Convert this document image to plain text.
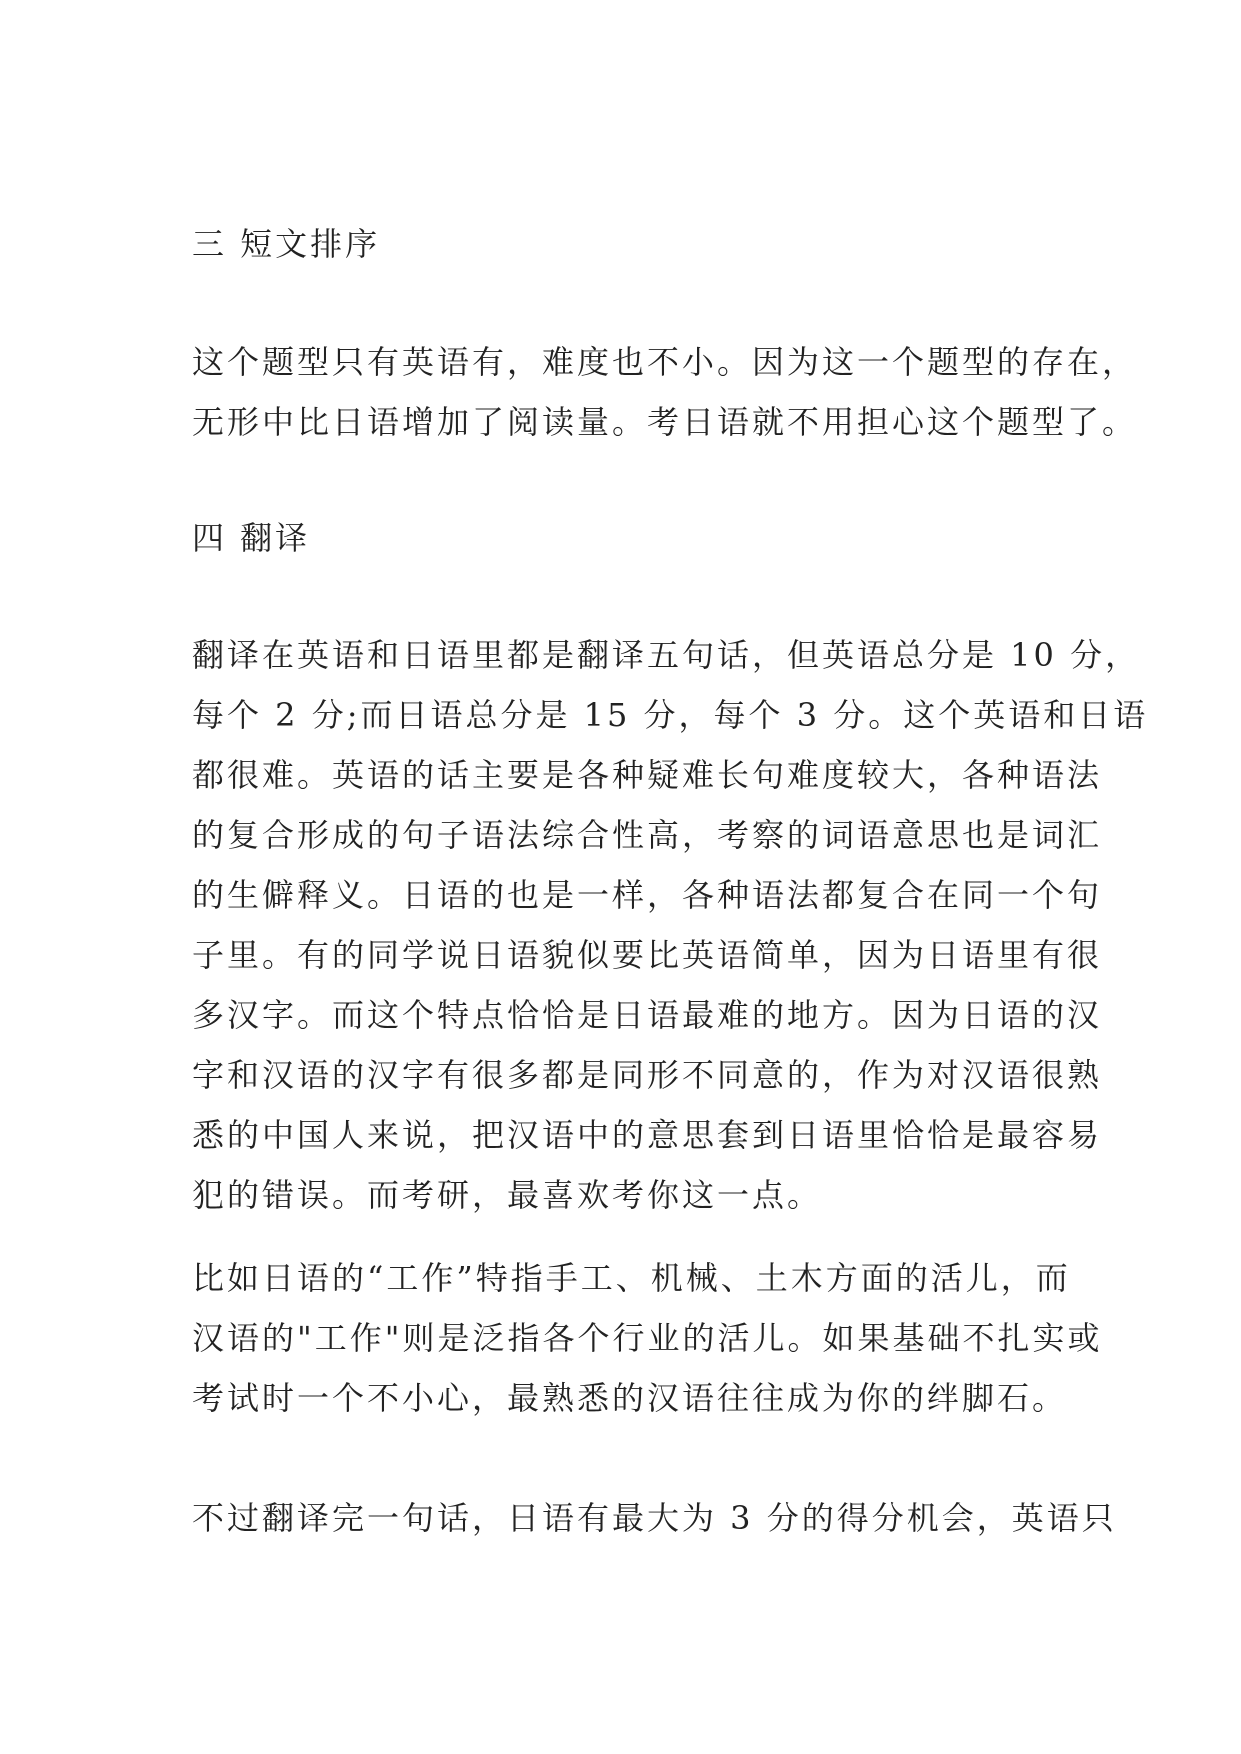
三 短文排序
这个题型只有英语有，难度也不小。因为这一个题型的存在，
无形中比日语增加了阅读量。考日语就不用担心这个题型了。
四 翻译
翻译在英语和日语里都是翻译五句话，但英语总分是 10 分，
每个 2 分;而日语总分是 15 分，每个 3 分。这个英语和日语
都很难。英语的话主要是各种疑难长句难度较大，各种语法
的复合形成的句子语法综合性高，考察的词语意思也是词汇
的生僻释义。日语的也是一样，各种语法都复合在同一个句
子里。有的同学说日语貌似要比英语简单，因为日语里有很
多汉字。而这个特点恰恰是日语最难的地方。因为日语的汉
字和汉语的汉字有很多都是同形不同意的，作为对汉语很熟
悉的中国人来说，把汉语中的意思套到日语里恰恰是最容易
犯的错误。而考研，最喜欢考你这一点。
比如日语的“工作”特指手工、机械、土木方面的活儿，而
汉语的"工作"则是泛指各个行业的活儿。如果基础不扎实或
考试时一个不小心，最熟悉的汉语往往成为你的绊脚石。
不过翻译完一句话，日语有最大为 3 分的得分机会，英语只
